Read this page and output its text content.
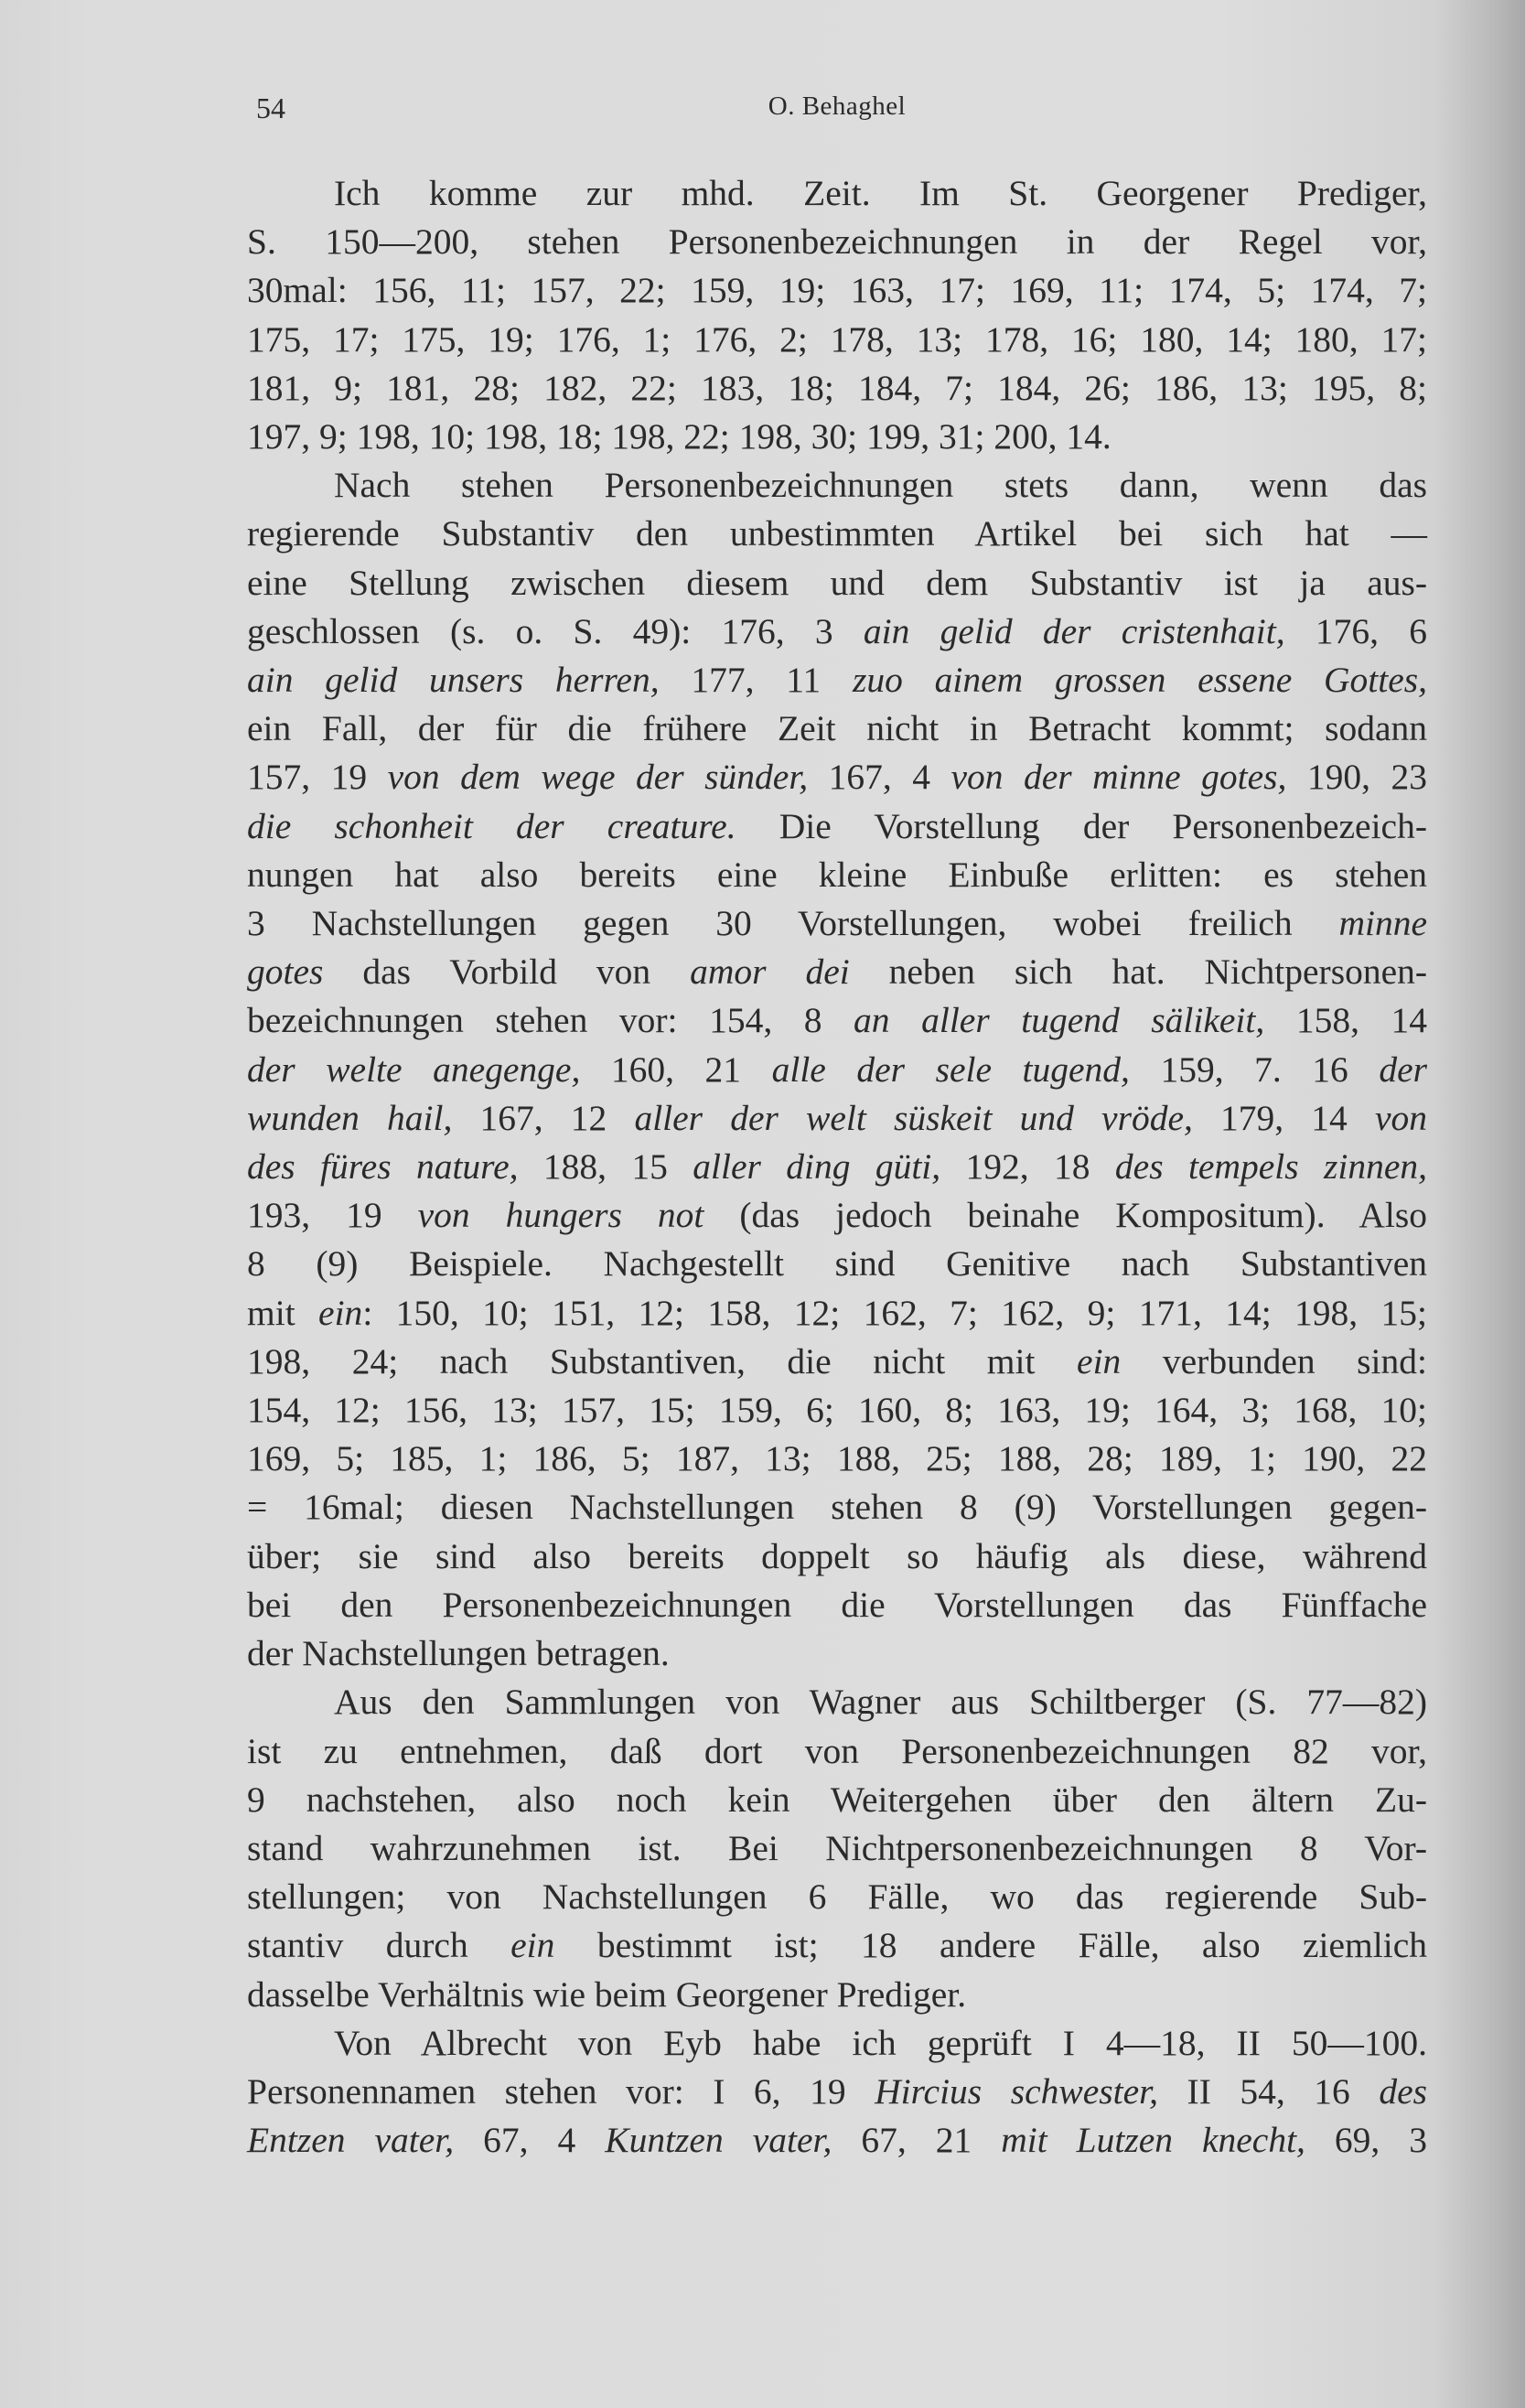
54	O. Behaghel
Ich komme zur mhd. Zeit. Im St. Georgener Prediger,
S. 150—200, stehen Personenbezeichnungen in der Regel vor,
30mal: 156, 11; 157, 22; 159, 19; 163, 17; 169, 11; 174, 5; 174, 7;
175, 17; 175, 19; 176, 1; 176, 2; 178, 13; 178, 16; 180, 14; 180, 17;
181, 9; 181, 28; 182, 22; 183, 18; 184, 7; 184, 26; 186, 13; 195, 8;
197, 9; 198, 10; 198, 18; 198, 22; 198, 30; 199, 31; 200, 14.
Nach stehen Personenbezeichnungen stets dann, wenn das
regierende Substantiv den unbestimmten Artikel bei sich hat —
eine Stellung zwischen diesem und dem Substantiv ist ja aus-
geschlossen (s. o. S. 49): 176, 3 ain gelid der cristenhait, 176, 6
ain gelid unsers herren, 177, 11 zuo ainem grossen essene Gottes,
ein Fall, der für die frühere Zeit nicht in Betracht kommt; sodann
157, 19 von dem wege der sünder, 167, 4 von der minne gotes, 190, 23
die schonheit der creature. Die Vorstellung der Personenbezeich-
nungen hat also bereits eine kleine Einbuße erlitten: es stehen
3 Nachstellungen gegen 30 Vorstellungen, wobei freilich minne
gotes das Vorbild von amor dei neben sich hat. Nichtpersonen-
bezeichnungen stehen vor: 154, 8 an aller tugend sälikeit, 158, 14
der welte anegenge, 160, 21 alle der sele tugend, 159, 7. 16 der
wunden hail, 167, 12 aller der welt süskeit und vröde, 179, 14 von
des füres nature, 188, 15 aller ding güti, 192, 18 des tempels zinnen,
193, 19 von hungers not (das jedoch beinahe Kompositum). Also
8 (9) Beispiele. Nachgestellt sind Genitive nach Substantiven
mit ein: 150, 10; 151, 12; 158, 12; 162, 7; 162, 9; 171, 14; 198, 15;
198, 24; nach Substantiven, die nicht mit ein verbunden sind:
154, 12; 156, 13; 157, 15; 159, 6; 160, 8; 163, 19; 164, 3; 168, 10;
169, 5; 185, 1; 186, 5; 187, 13; 188, 25; 188, 28; 189, 1; 190, 22
= 16mal; diesen Nachstellungen stehen 8 (9) Vorstellungen gegen-
über; sie sind also bereits doppelt so häufig als diese, während
bei den Personenbezeichnungen die Vorstellungen das Fünffache
der Nachstellungen betragen.
Aus den Sammlungen von Wagner aus Schiltberger (S. 77—82)
ist zu entnehmen, daß dort von Personenbezeichnungen 82 vor,
9 nachstehen, also noch kein Weitergehen über den ältern Zu-
stand wahrzunehmen ist. Bei Nichtpersonenbezeichnungen 8 Vor-
stellungen; von Nachstellungen 6 Fälle, wo das regierende Sub-
stantiv durch ein bestimmt ist; 18 andere Fälle, also ziemlich
dasselbe Verhältnis wie beim Georgener Prediger.
Von Albrecht von Eyb habe ich geprüft I 4—18, II 50—100.
Personennamen stehen vor: I 6, 19 Hircius schwester, II 54, 16 des
Entzen vater, 67, 4 Kuntzen vater, 67, 21 mit Lutzen knecht, 69, 3
